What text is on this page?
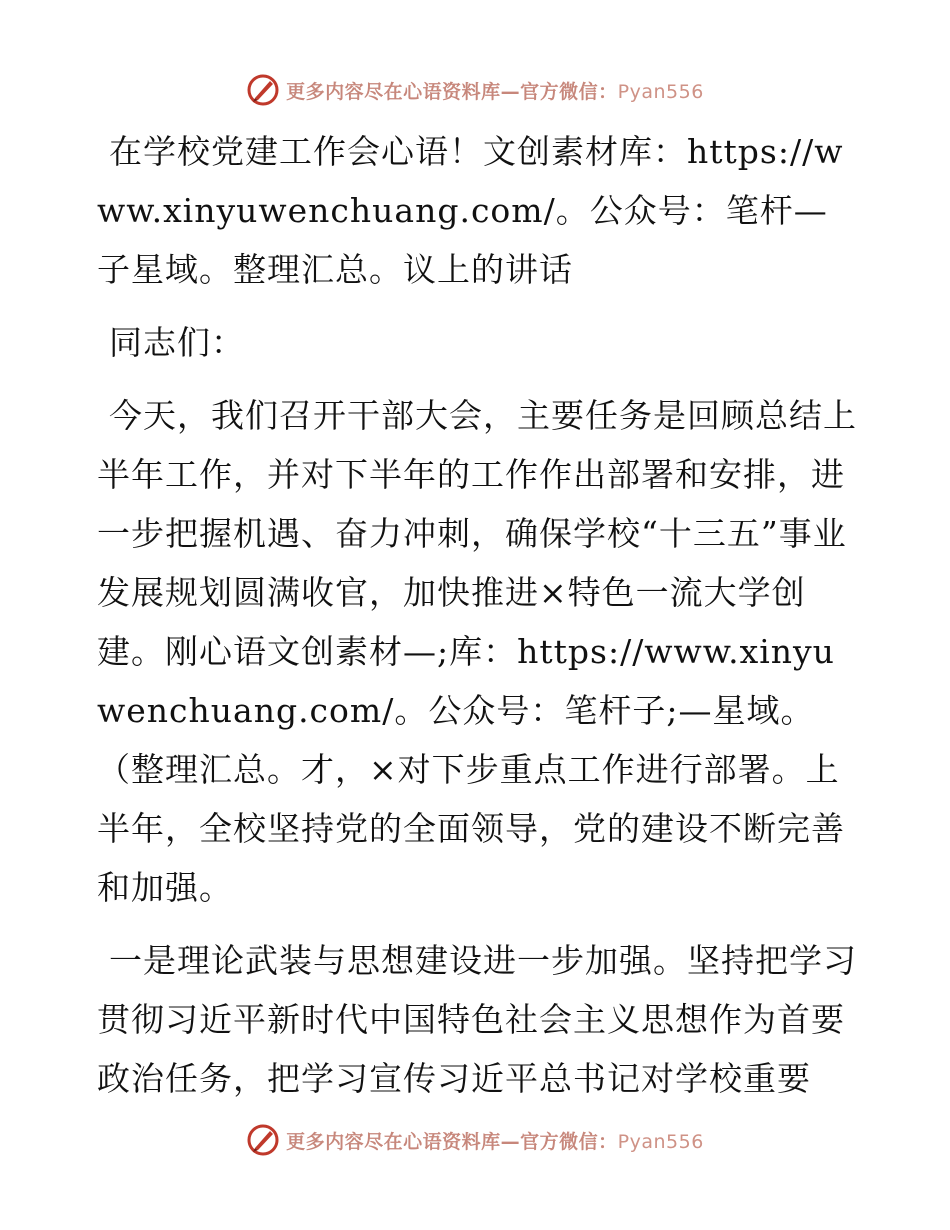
更多内容尽在心语资料库—官方微信：Pyan556

在学校党建工作会心语！文创素材库：https://www.xinyuwenchuang.com/。公众号：笔杆—子星域。整理汇总。议上的讲话

同志们：

今天，我们召开干部大会，主要任务是回顾总结上半年工作，并对下半年的工作作出部署和安排，进一步把握机遇、奋力冲刺，确保学校“十三五”事业发展规划圆满收官，加快推进×特色一流大学创建。刚心语文创素材—;库：https://www.xinyuwenchuang.com/。公众号：笔杆子;—星域。（整理汇总。才，×对下步重点工作进行部署。上半年，全校坚持党的全面领导，党的建设不断完善和加强。

一是理论武装与思想建设进一步加强。坚持把学习贯彻习近平新时代中国特色社会主义思想作为首要政治任务，把学习宣传习近平总书记对学校重要

更多内容尽在心语资料库—官方微信：Pyan556
